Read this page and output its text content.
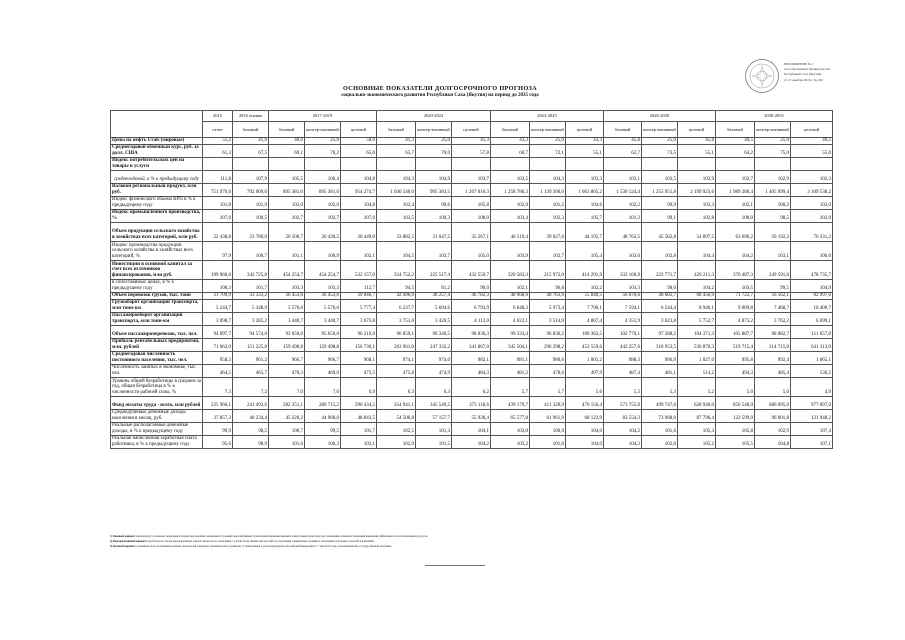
ПРИЛОЖЕНИЕ № 1
к постановлению Правительства
Республики Саха (Якутия)
от 21 декабря 2016 г. № 432
ОСНОВНЫЕ ПОКАЗАТЕЛИ ДОЛГОСРОЧНОГО ПРОГНОЗА
социально-экономического развития Республики Саха (Якутия) на период до 2035 года
	2015	2016 оценка	2017-2019			2020-2022			2023-2025			2026-2030			2030-2035		
	отчет	базовый	базовый	консер-вативный	целевой	базовый	консер-вативный	целевой	базовый	консер-вативный	целевой	базовый	консер-вативный	целевой	базовый	консер-вативный	целевой
Цены на нефть Urals (мировые)	51,2	41,0	40,0	25,0	50,0	41,3	25,0	41,3	43,3	25,0	43,3	45,8	25,0	45,8	49,5	25,0	49,5
Среднегодовой обменный курс, руб. за долл. США	61,3	67,5	69,1	70,2	65,0	65,7	70,0	57,8	60,7	72,1	55,1	62,7	73,5	55,1	64,2	75,0	55,0
Индекс потребительских цен на товары и услуги																	
среднегодовой, в % к предыдущему году	111,8	107,9	105,5	106,4	104,8	104,3	104,9	103,7	103,5	104,3	103,3	103,1	103,5	102,9	102,7	102,9	102,3
Валовой региональный продукт, млн руб.	751 976,0	792 009,0	895 381,0	895 381,0	954 274,7	1 046 540,0	995 383,5	1 267 016,3	1 258 780,3	1 139 300,0	1 663 865,2	1 530 124,4	1 255 951,8	2 199 923,6	1 989 280,4	1 405 999,4	3 109 538,2
Индекс физического объема ВРП в % к предыдущему году	101,8	101,9	102,0	102,0	104,8	102,4	99,6	105,8	102,9	101,2	104,6	102,2	99,9	103,3	102,1	100,2	103,0
Индекс промышленного производства, %	107,6	100,5	102,7	102,7	107,6	103,5	100,3	108,0	103,4	102,3	105,7	101,3	99,1	102,8	100,0	98,5	102,0
Объем продукции сельского хозяйства в хозяйствах всех категорий, млн руб.	22 438,8	23 780,0	26 500,7	26 430,5	30 449,0	33 882,5	31 047,5	35 267,1	40 519,4	39 027,6	44 195,7	48 763,5	45 582,8	54 897,5	63 696,2	56 192,2	76 331,2
Индекс производства продукции сельского хозяйства в хозяйствах всех категорий, %	97,9	100,7	101,1	100,9	102,1	104,5	103,7	105,0	103,9	102,7	105,4	103,6	102,8	104,4	104,2	103,1	106,0
Инвестиции в основной капитал за счет всех источников финансирования, млн руб.	199 960,0	342 725,0	454 254,7	454 254,7	532 157,0	324 752,2	225 517,4	432 559,7	320 583,3	215 972,0	414 291,9	332 160,9	223 771,7	429 211,3	370 487,3	249 591,6	478 735,7
в сопоставимых ценах, в % к предыдущему году	100,3	161,7	103,3	103,3	112,7	94,5	81,2	90,0	102,1	96,8	102,2	103,3	98,0	104,2	103,5	99,5	104,9
Объем перевозок грузов, тыс. тонн	31 709,9	33 333,2	36 453,6	36 453,6	39 046,7	42 496,0	38 257,4	46 782,3	48 968,0	40 763,9	55 840,5	56 670,6	46 682,7	68 456,9	71 722,7	56 562,1	82 997,0
Грузооборот организаций транспорта, млн тонн-км	5 244,7	5 348,9	5 576,0	5 576,0	5 777,4	6 237,7	5 694,6	6 793,9	6 848,3	5 973,4	7 700,1	7 594,1	6 544,4	8 946,1	9 009,8	7 468,7	10 400,7
Пассажирооборот организаций транспорта, млн тонн-км	3 098,7	3 285,2	3 440,7	3 440,7	3 673,8	3 751,0	3 420,5	4 112,0	4 022,1	3 514,9	4 867,4	4 351,9	3 623,8	5 752,7	4 873,2	3 762,2	6 699,1
Объем пассажироперевозок, тыс. чел.	94 097,7	94 574,0	93 650,0	95 650,0	96 216,0	96 859,1	96 346,5	98 036,3	99 333,4	96 836,2	100 363,5	102 770,1	97 588,2	104 371,3	105 887,7	98 882,7	111 057,0
Прибыль рентабельных предприятий, млн. рублей	71 062,0	151 225,0	159 498,8	159 498,8	156 736,1	263 961,0	247 332,2	341 867,0	345 504,1	296 298,2	453 559,6	442 257,6	318 953,5	536 870,3	519 715,4	314 715,0	641 313,9
Среднегодовая численность постоянного населения, тыс. чел.	958,3	961,2	966,7	966,7	968,1	974,1	974,0	982,1	981,1	980,6	1 001,2	988,3	986,9	1 027,0	995,8	992,4	1 065,1
Численность занятых в экономике, тыс. чел.	464,5	465,7	470,3	469,0	473,5	475,8	474,9	484,3	481,2	478,6	497,9	487,4	481,1	514,2	494,3	485,4	536,5
Уровень общей безработицы в среднем за год, общая безработица в % к численности рабочей силы, %	7,3	7,2	7,0	7,0	6,9	6,3	6,3	6,2	5,7	5,7	5,6	5,3	5,3	5,2	5,0	5,0	4,9
Фонд оплаты труда - всего, млн рублей	225 966,1	241 492,6	282 351,1	280 715,2	290 434,5	354 941,1	345 549,5	373 118,6	439 179,7	411 320,9	470 156,4	573 755,0	499 747,6	628 940,0	850 548,0	686 095,0	977 097,0
Среднедушевые денежные доходы населения в месяц, руб.	37 857,3	40 234,4	45 220,2	44 960,0	48 843,5	54 506,8	57 157,7	55 928,4	65 577,8	61 961,9	68 123,9	83 554,3	73 968,0	87 796,4	122 599,0	96 001,8	121 948,2
Реальные располагаемые денежные доходы, в % к предыдущему году	99,9	98,5	100,7	99,5	101,7	102,5	101,3	104,1	103,0	100,9	104,0	104,2	101,6	105,3	105,8	102,9	107,4
Реальная начисленная заработная плата работника, в % к предыдущему году	95,6	98,9	101,6	100,3	103,1	102,9	101,5	104,2	103,2	101,0	104,0	104,3	102,0	105,2	105,5	104,8	107,1
1) Базовый вариант характеризует основные тенденции и параметры развития экономики в условиях консервативных траекторий изменения внешних и внутренних факторов при сохранении основных тенденций изменения эффективности использования ресурсов.
2) Консервативный вариант разработан на основе консервативных оценок темпов роста экономики с учетом более низких цен на нефть и сохранения санкционного режима в отношении отдельных отраслей и компаний.
3) Целевой вариант основывается на достижении целевых показателей социально-экономического развития, установленных в указах Президента Российской Федерации от 7 мая 2012 года, и реализации мер государственной политики.
